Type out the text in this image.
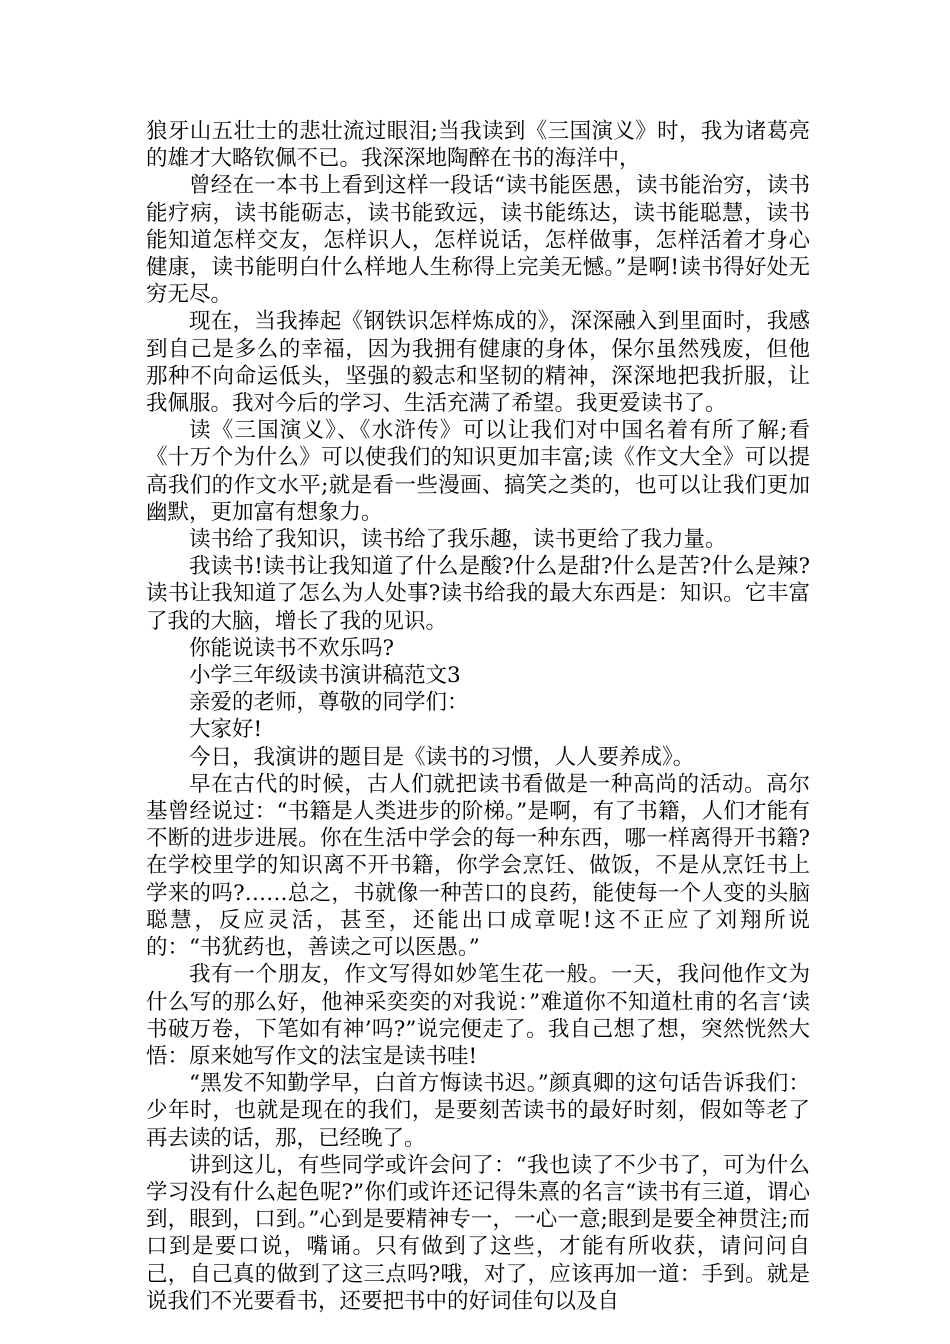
狼牙山五壮士的悲壮流过眼泪;当我读到《三国演义》时，我为诸葛亮的雄才大略钦佩不已。我深深地陶醉在书的海洋中，

曾经在一本书上看到这样一段话“读书能医愚，读书能治穷，读书能疗病，读书能砺志，读书能致远，读书能练达，读书能聪慧，读书能知道怎样交友，怎样识人，怎样说话，怎样做事，怎样活着才身心健康，读书能明白什么样地人生称得上完美无憾。”是啊!读书得好处无穷无尽。

现在，当我捧起《钢铁识怎样炼成的》，深深融入到里面时，我感到自己是多么的幸福，因为我拥有健康的身体，保尔虽然残废，但他那种不向命运低头，坚强的毅志和坚韧的精神，深深地把我折服，让我佩服。我对今后的学习、生活充满了希望。我更爱读书了。

读《三国演义》、《水浒传》可以让我们对中国名着有所了解;看《十万个为什么》可以使我们的知识更加丰富;读《作文大全》可以提高我们的作文水平;就是看一些漫画、搞笑之类的，也可以让我们更加幽默，更加富有想象力。

读书给了我知识，读书给了我乐趣，读书更给了我力量。

我读书!读书让我知道了什么是酸?什么是甜?什么是苦?什么是辣?读书让我知道了怎么为人处事?读书给我的最大东西是：知识。它丰富了我的大脑，增长了我的见识。

你能说读书不欢乐吗?

小学三年级读书演讲稿范文3

亲爱的老师，尊敬的同学们：

大家好!

今日，我演讲的题目是《读书的习惯，人人要养成》。

早在古代的时候，古人们就把读书看做是一种高尚的活动。高尔基曾经说过：“书籍是人类进步的阶梯。”是啊，有了书籍，人们才能有不断的进步进展。你在生活中学会的每一种东西，哪一样离得开书籍?在学校里学的知识离不开书籍，你学会烹饪、做饭，不是从烹饪书上学来的吗?……总之，书就像一种苦口的良药，能使每一个人变的头脑聪慧，反应灵活，甚至，还能出口成章呢!这不正应了刘翔所说的：“书犹药也，善读之可以医愚。”

我有一个朋友，作文写得如妙笔生花一般。一天，我问他作文为什么写的那么好，他神采奕奕的对我说：”难道你不知道杜甫的名言‘读书破万卷，下笔如有神’吗?”说完便走了。我自己想了想，突然恍然大悟：原来她写作文的法宝是读书哇!

“黑发不知勤学早，白首方悔读书迟。”颜真卿的这句话告诉我们：少年时，也就是现在的我们，是要刻苦读书的最好时刻，假如等老了再去读的话，那，已经晚了。

讲到这儿，有些同学或许会问了：“我也读了不少书了，可为什么学习没有什么起色呢?”你们或许还记得朱熹的名言“读书有三道，谓心到，眼到，口到。”心到是要精神专一，一心一意;眼到是要全神贯注;而口到是要口说，嘴诵。只有做到了这些，才能有所收获，请问问自己，自己真的做到了这三点吗?哦，对了，应该再加一道：手到。就是说我们不光要看书，还要把书中的好词佳句以及自
